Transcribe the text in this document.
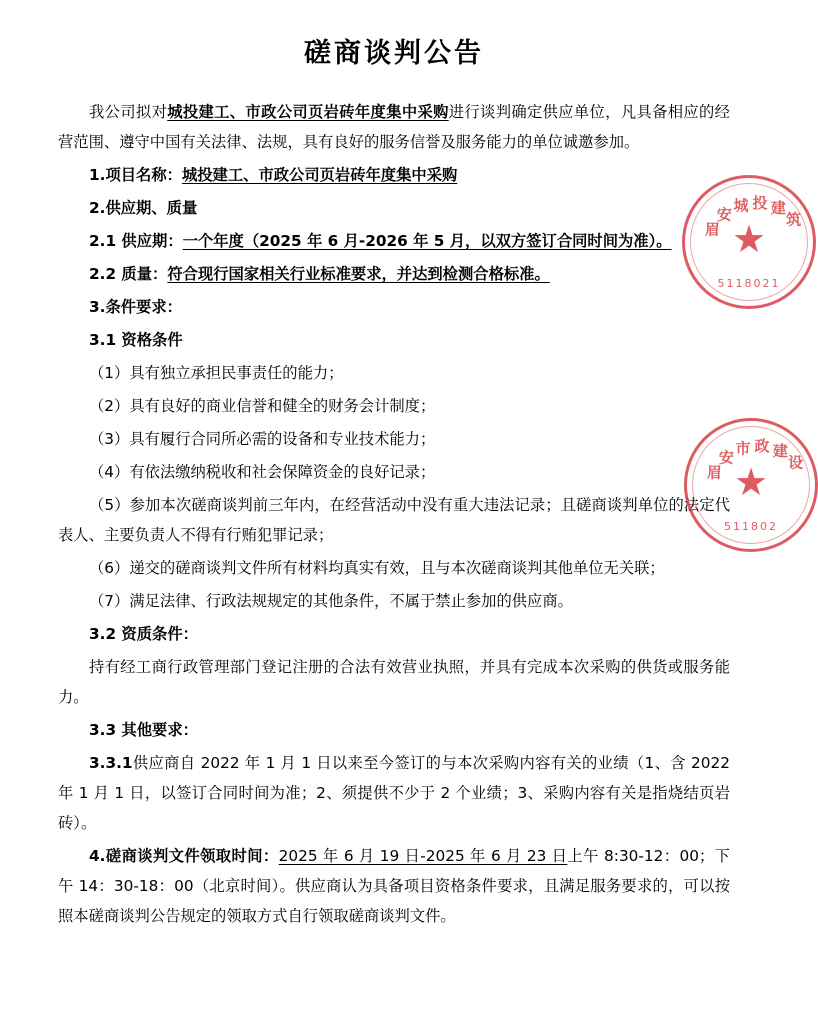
磋商谈判公告

我公司拟对城投建工、市政公司页岩砖年度集中采购进行谈判确定供应单位，凡具备相应的经营范围、遵守中国有关法律、法规，具有良好的服务信誉及服务能力的单位诚邀参加。

1.项目名称：城投建工、市政公司页岩砖年度集中采购

2.供应期、质量

2.1 供应期：一个年度（2025 年 6 月-2026 年 5 月，以双方签订合同时间为准）。

2.2 质量：符合现行国家相关行业标准要求，并达到检测合格标准。

3.条件要求：

3.1 资格条件

（1）具有独立承担民事责任的能力；

（2）具有良好的商业信誉和健全的财务会计制度；

（3）具有履行合同所必需的设备和专业技术能力；

（4）有依法缴纳税收和社会保障资金的良好记录；

（5）参加本次磋商谈判前三年内，在经营活动中没有重大违法记录；且磋商谈判单位的法定代表人、主要负责人不得有行贿犯罪记录；

（6）递交的磋商谈判文件所有材料均真实有效，且与本次磋商谈判其他单位无关联；

（7）满足法律、行政法规规定的其他条件，不属于禁止参加的供应商。

3.2 资质条件：

持有经工商行政管理部门登记注册的合法有效营业执照，并具有完成本次采购的供货或服务能力。

3.3 其他要求：

3.3.1供应商自 2022 年 1 月 1 日以来至今签订的与本次采购内容有关的业绩（1、含 2022 年 1 月 1 日，以签订合同时间为准；2、须提供不少于 2 个业绩；3、采购内容有关是指烧结页岩砖）。

4.磋商谈判文件领取时间：2025 年 6 月 19 日-2025 年 6 月 23 日上午 8:30-12：00；下午 14：30-18：00（北京时间）。供应商认为具备项目资格条件要求，且满足服务要求的，可以按照本磋商谈判公告规定的领取方式自行领取磋商谈判文件。

眉
安
城 投 建
筑
★
5118021
眉
安
市 政 建
设
★
511802
